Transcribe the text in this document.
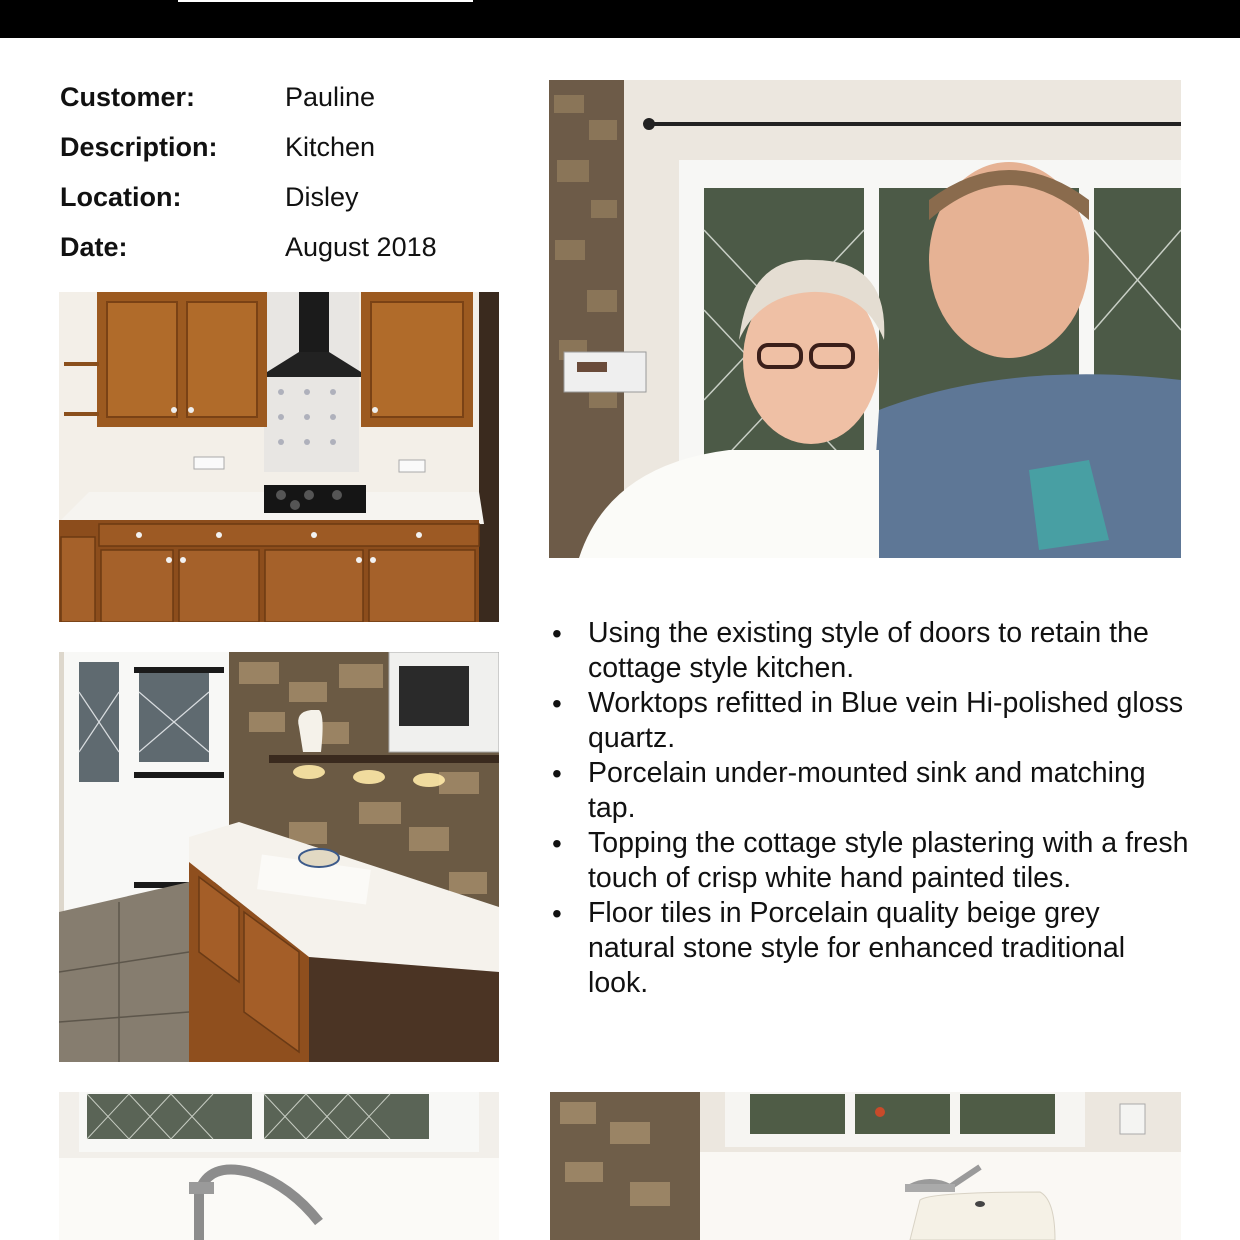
Customer:	Pauline
Description:	Kitchen
Location:	Disley
Date:	August 2018
• Using the existing style of doors to retain the cottage style kitchen.
• Worktops refitted in Blue vein Hi-polished gloss quartz.
• Porcelain under-mounted sink and matching tap.
• Topping the cottage style plastering with a fresh touch of crisp white hand painted tiles.
• Floor tiles in Porcelain quality beige grey natural stone style for enhanced traditional look.
